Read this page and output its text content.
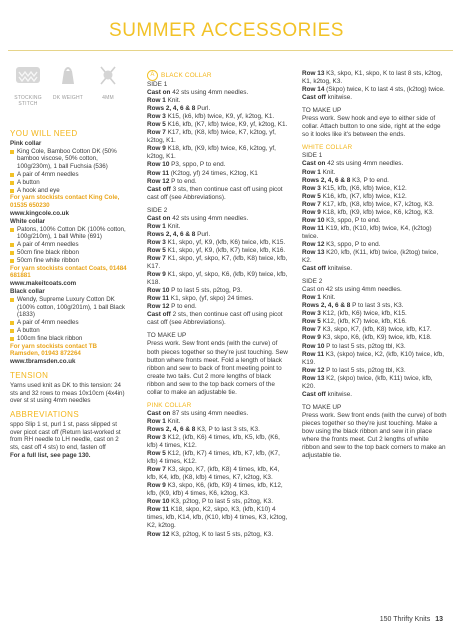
SUMMER ACCESSORIES
STOCKING STITCH
DK WEIGHT	4MM
YOU WILL NEED
Pink collar
King Cole, Bamboo Cotton DK (50% bamboo viscose, 50% cotton, 100g/230m), 1 ball Fuchsia (536)
A pair of 4mm needles
A button
A hook and eye
For yarn stockists contact King Cole, 01535 650230
www.kingcole.co.uk
White collar
Patons, 100% Cotton DK (100% cotton, 100g/210m), 1 ball White (691)
A pair of 4mm needles
50cm fine black ribbon
50cm fine white ribbon
For yarn stockists contact Coats, 01484 681881
www.makeitcoats.com
Black collar
Wendy, Supreme Luxury Cotton DK (100% cotton, 100g/201m), 1 ball Black (1833)
A pair of 4mm needles
A button
100cm fine black ribbon
For yarn stockists contact TB Ramsden, 01943 872264
www.tbramsden.co.uk
TENSION
Yarns used knit as DK to this tension: 24 sts and 32 rows to meas 10x10cm (4x4in) over st st using 4mm needles
ABBREVIATIONS
sppo Slip 1 st, purl 1 st, pass slipped st over picot cast off (Return last-worked st from RH needle to LH needle, cast on 2 sts, cast off 4 sts) to end, fasten off
For a full list, see page 130.
A BLACK COLLAR
SIDE 1
Cast on 42 sts using 4mm needles.
Row 1 Knit.
Rows 2, 4, 6 & 8 Purl.
Row 3 K15, (k6, kfb) twice, K9, yf, k2tog, K1.
Row 5 K16, kfb, (K7, kfb) twice, K9, yf, k2tog, K1.
Row 7 K17, kfb, (K8, kfb) twice, K7, k2tog, yf, k2tog, K1.
Row 9 K18, kfb, (K9, kfb) twice, K6, k2tog, yf, k2tog, K1.
Row 10 P3, sppo, P to end.
Row 11 (K2tog, yf) 24 times, K2tog, K1
Row 12 P to end.
Cast off 3 sts, then continue cast off using picot cast off (see Abbreviations).
SIDE 2
Cast on 42 sts using 4mm needles.
Row 1 Knit.
Rows 2, 4, 6 & 8 Purl.
Row 3 K1, skpo, yf, K9, (kfb, K6) twice, kfb, K15.
Row 5 K1, skpo, yf, K9, (kfb, K7) twice, kfb, K16.
Row 7 K1, skpo, yf, skpo, K7, (kfb, K8) twice, kfb, K17.
Row 9 K1, skpo, yf, skpo, K6, (kfb, K9) twice, kfb, K18.
Row 10 P to last 5 sts, p2tog, P3.
Row 11 K1, skpo, (yf, skpo) 24 times.
Row 12 P to end.
Cast off 2 sts, then continue cast off using picot cast off (see Abbreviations).
TO MAKE UP
Press work. Sew front ends (with the curve) of both pieces together so they're just touching. Sew button where fronts meet. Fold a length of black ribbon and sew to back of front meeting point to create two tails. Cut 2 more lengths of black ribbon and sew to the top back corners of the collar to make an adjustable tie.
PINK COLLAR
Cast on 87 sts using 4mm needles.
Row 1 Knit.
Rows 2, 4, 6 & 8 K3, P to last 3 sts, K3.
Row 3 K12, (kfb, K6) 4 times, kfb, K5, kfb, (K6, kfb) 4 times, K12.
Row 5 K12, (kfb, K7) 4 times, kfb, K7, kfb, (K7, kfb) 4 times, K12.
Row 7 K3, skpo, K7, (kfb, K8) 4 times, kfb, K4, kfb, K4, kfb, (K8, kfb) 4 times, K7, k2tog, K3.
Row 9 K3, skpo, K6, (kfb, K9) 4 times, kfb, K12, kfb, (K9, kfb) 4 times, K6, k2tog, K3.
Row 10 K3, p2tog, P to last 5 sts, p2tog, K3.
Row 11 K18, skpo, K2, skpo, K3, (kfb, K10) 4 times, kfb, K14, kfb, (K10, kfb) 4 times, K3, k2tog, K2, k2tog.
Row 12 K3, p2tog, K to last 5 sts, p2tog, K3.
Row 13 K3, skpo, K1, skpo, K to last 8 sts, k2tog, K1, k2tog, K3.
Row 14 (Skpo) twice, K to last 4 sts, (k2tog) twice.
Cast off knitwise.
TO MAKE UP
Press work. Sew hook and eye to either side of collar. Attach button to one side, right at the edge so it looks like it's between the ends.
WHITE COLLAR
SIDE 1
Cast on 42 sts using 4mm needles.
Row 1 Knit.
Rows 2, 4, 6 & 8 K3, P to end.
Row 3 K15, kfb, (K6, kfb) twice, K12.
Row 5 K16, kfb, (K7, kfb) twice, K12.
Row 7 K17, kfb, (K8, kfb) twice, K7, k2tog, K3.
Row 9 K18, kfb, (K9, kfb) twice, K6, k2tog, K3.
Row 10 K3, sppo, P to end.
Row 11 K19, kfb, (K10, kfb) twice, K4, (k2tog) twice.
Row 12 K3, sppo, P to end.
Row 13 K20, kfb, (K11, kfb) twice, (k2tog) twice, K2.
Cast off knitwise.
SIDE 2
Cast on 42 sts using 4mm needles.
Row 1 Knit.
Rows 2, 4, 6 & 8 P to last 3 sts, K3.
Row 3 K12, (kfb, K6) twice, kfb, K15.
Row 5 K12, (kfb, K7) twice, kfb, K16.
Row 7 K3, skpo, K7, (kfb, K8) twice, kfb, K17.
Row 9 K3, skpo, K6, (kfb, K9) twice, kfb, K18.
Row 10 P to last 5 sts, p2tog tbl, K3.
Row 11 K3, (skpo) twice, K2, (kfb, K10) twice, kfb, K19.
Row 12 P to last 5 sts, p2tog tbl, K3.
Row 13 K2, (skpo) twice, (kfb, K11) twice, kfb, K20.
Cast off knitwise.
TO MAKE UP
Press work. Sew front ends (with the curve) of both pieces together so they're just touching. Make a bow using the black ribbon and sew it in place where the fronts meet. Cut 2 lengths of white ribbon and sew to the top back corners to make an adjustable tie.
150 Thrifty Knits 13
